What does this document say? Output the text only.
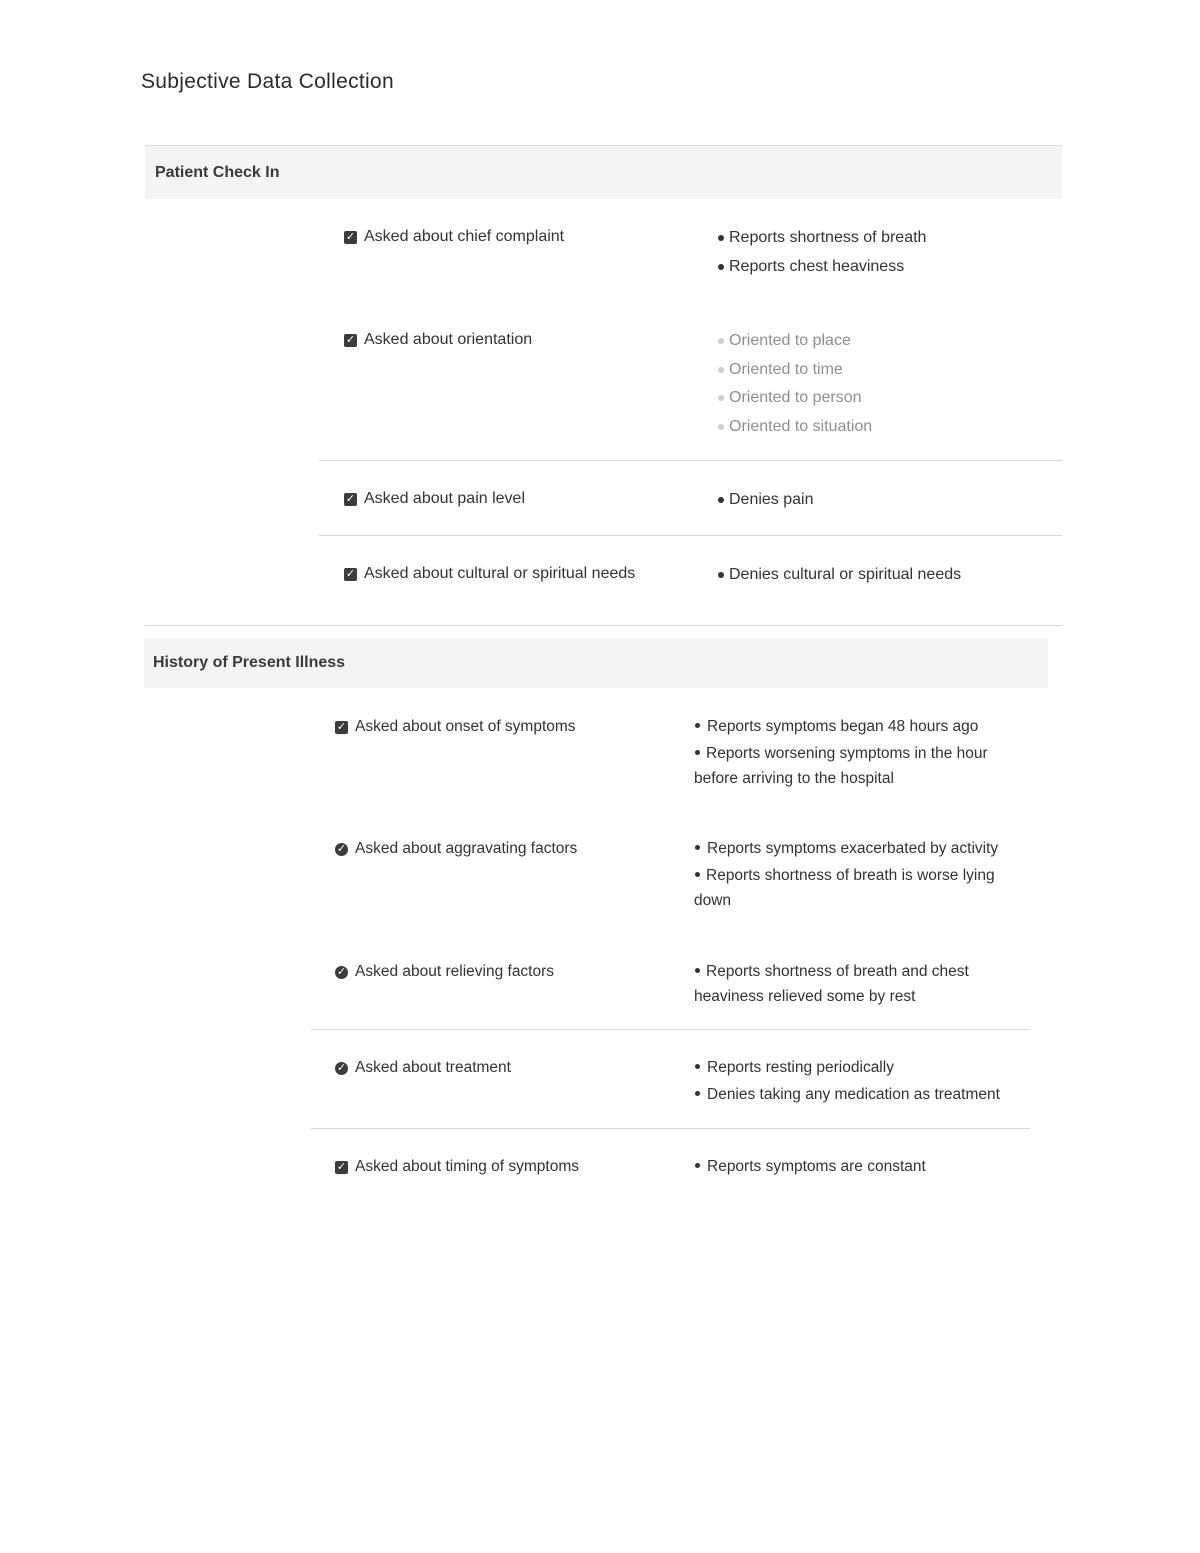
Subjective Data Collection
Patient Check In
✓ Asked about chief complaint	Reports shortness of breath
Reports chest heaviness
✓ Asked about orientation	Oriented to place
Oriented to time
Oriented to person
Oriented to situation
✓ Asked about pain level	Denies pain
✓ Asked about cultural or spiritual needs	Denies cultural or spiritual needs
History of Present Illness
✓ Asked about onset of symptoms	Reports symptoms began 48 hours ago
Reports worsening symptoms in the hour before arriving to the hospital
✓ Asked about aggravating factors	Reports symptoms exacerbated by activity
Reports shortness of breath is worse lying down
✓ Asked about relieving factors	Reports shortness of breath and chest heaviness relieved some by rest
✓ Asked about treatment	Reports resting periodically
Denies taking any medication as treatment
✓ Asked about timing of symptoms	Reports symptoms are constant
